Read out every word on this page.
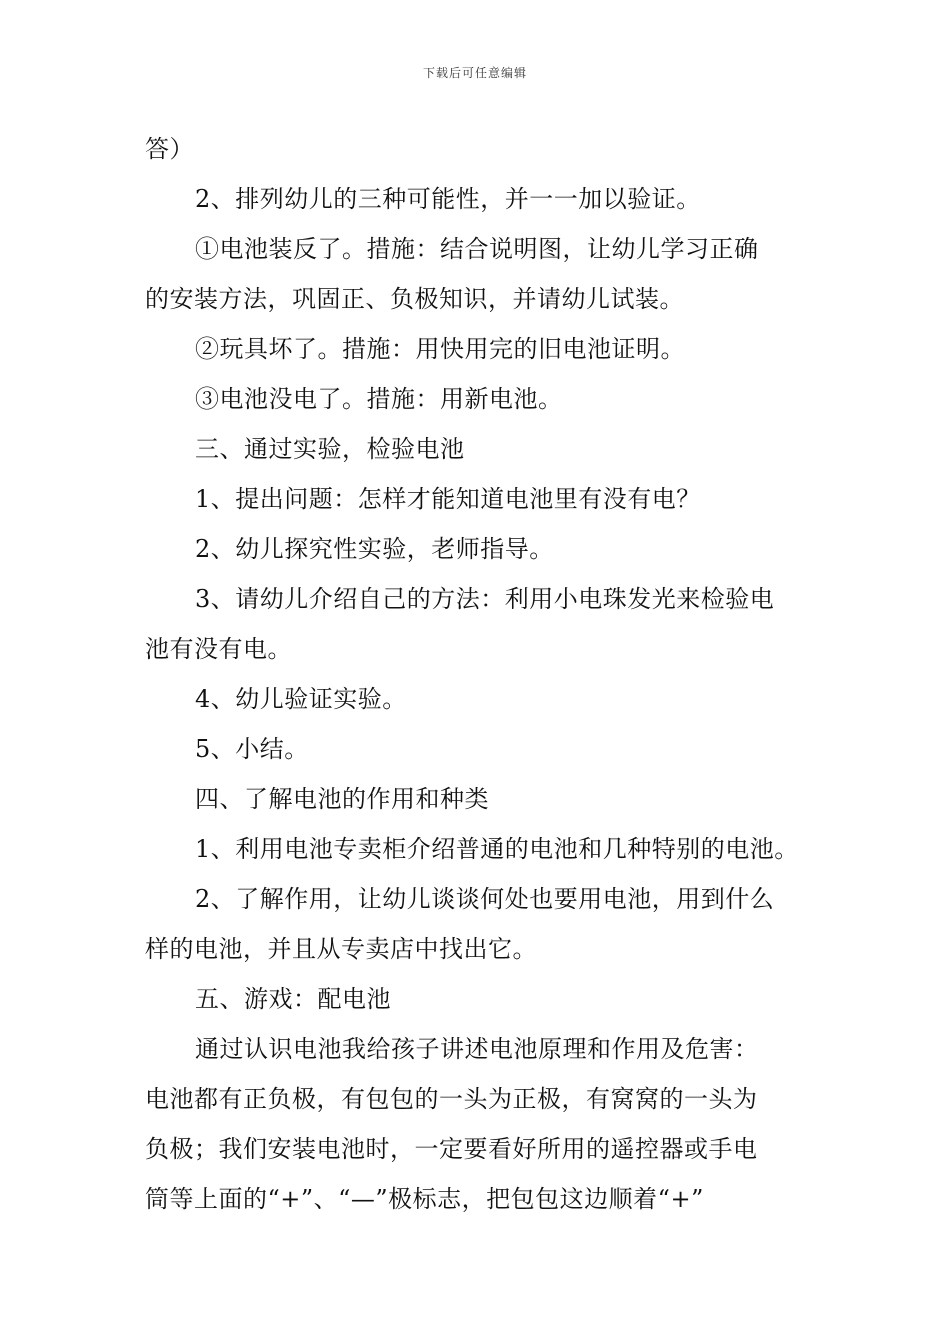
下载后可任意编辑

答）

2、排列幼儿的三种可能性，并一一加以验证。

①电池装反了。措施：结合说明图，让幼儿学习正确

的安装方法，巩固正、负极知识，并请幼儿试装。

②玩具坏了。措施：用快用完的旧电池证明。

③电池没电了。措施：用新电池。

三、通过实验，检验电池

1、提出问题：怎样才能知道电池里有没有电？

2、幼儿探究性实验，老师指导。

3、请幼儿介绍自己的方法：利用小电珠发光来检验电

池有没有电。

4、幼儿验证实验。

5、小结。

四、了解电池的作用和种类

1、利用电池专卖柜介绍普通的电池和几种特别的电池。

2、了解作用，让幼儿谈谈何处也要用电池，用到什么

样的电池，并且从专卖店中找出它。

五、游戏：配电池

通过认识电池我给孩子讲述电池原理和作用及危害：

电池都有正负极，有包包的一头为正极，有窝窝的一头为

负极；我们安装电池时，一定要看好所用的遥控器或手电

筒等上面的“+”、“—”极标志，把包包这边顺着“+”
